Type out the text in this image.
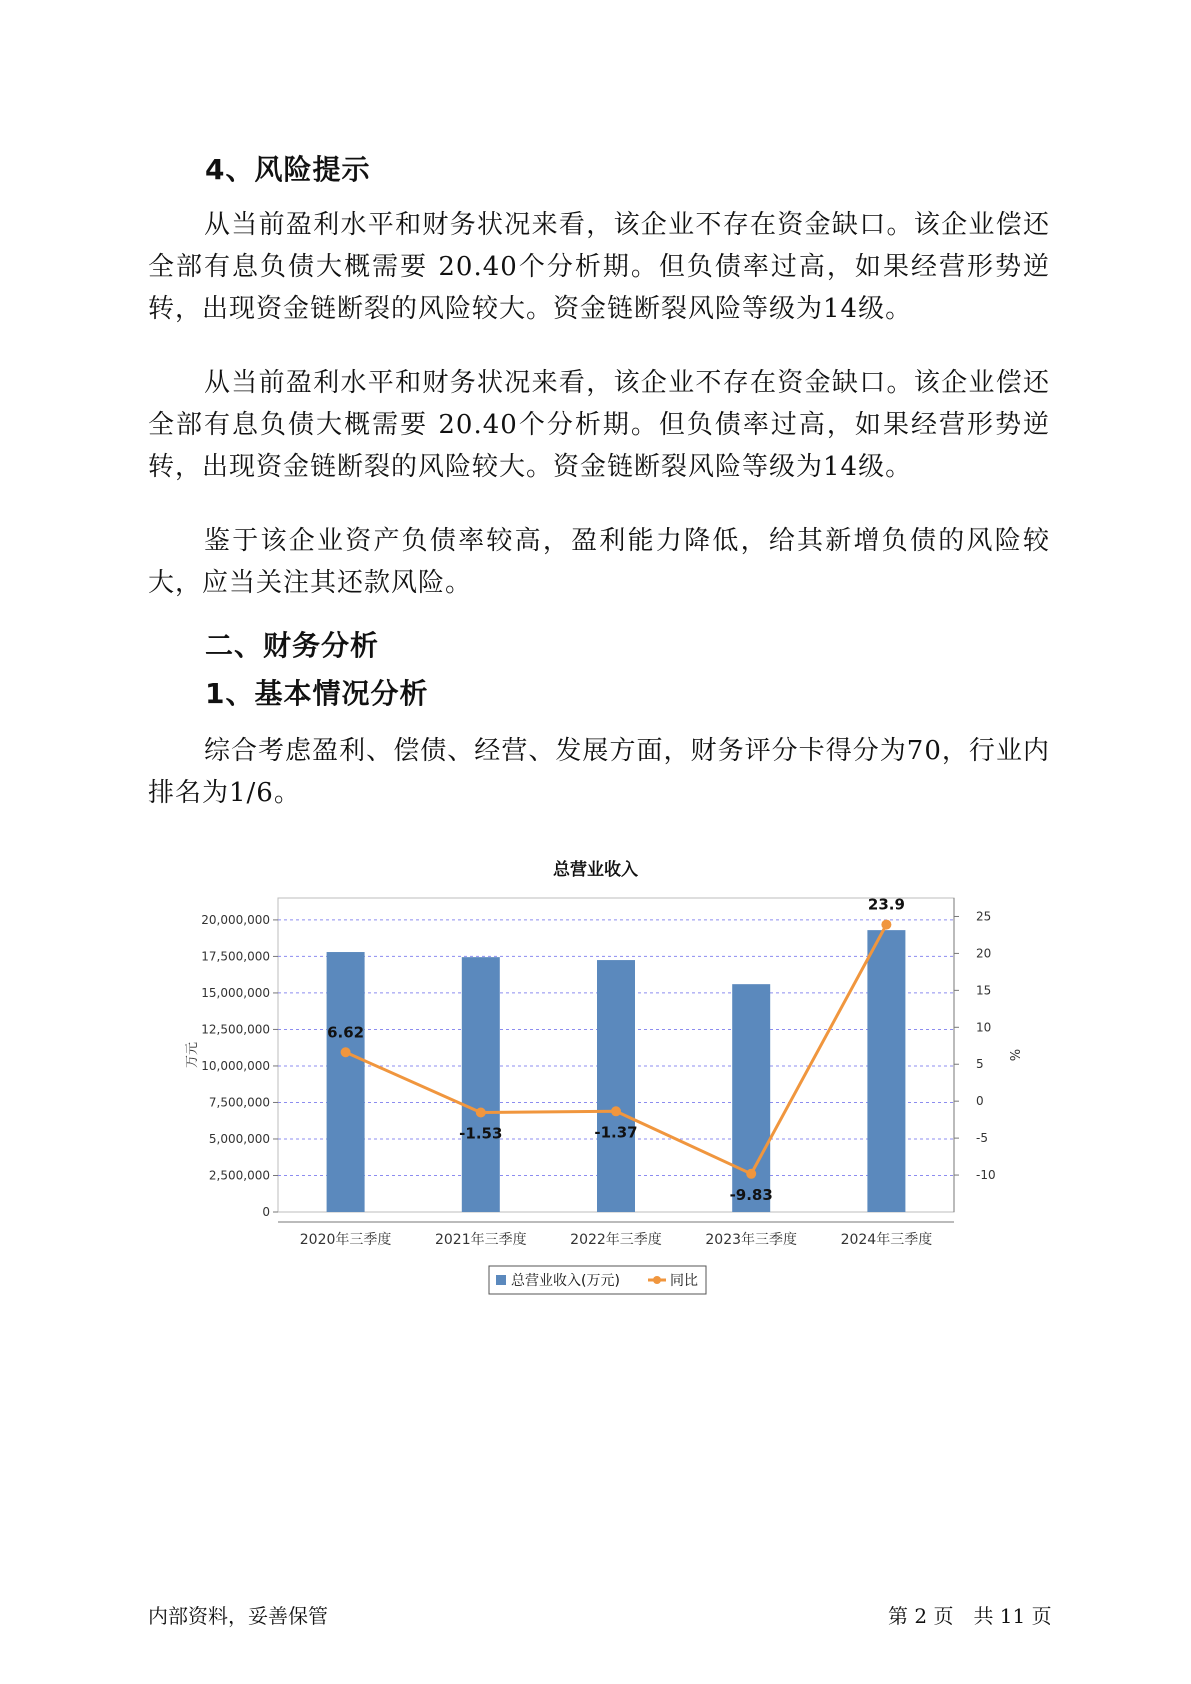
4、风险提示

从当前盈利水平和财务状况来看，该企业不存在资金缺口。该企业偿还全部有息负债大概需要 20.40个分析期。但负债率过高，如果经营形势逆转，出现资金链断裂的风险较大。资金链断裂风险等级为14级。

从当前盈利水平和财务状况来看，该企业不存在资金缺口。该企业偿还全部有息负债大概需要 20.40个分析期。但负债率过高，如果经营形势逆转，出现资金链断裂的风险较大。资金链断裂风险等级为14级。

鉴于该企业资产负债率较高，盈利能力降低，给其新增负债的风险较大，应当关注其还款风险。

二、财务分析
1、基本情况分析

综合考虑盈利、偿债、经营、发展方面，财务评分卡得分为70，行业内排名为1/6。

总营业收入
0
2,500,000
5,000,000
7,500,000
10,000,000
12,500,000
15,000,000
17,500,000
20,000,000
-10
-5
0
5
10
15
20
25
万元	%
2020年三季度	2021年三季度	2022年三季度	2023年三季度	2024年三季度
6.62
-1.53	-1.37
-9.83
23.9
总营业收入(万元)	同比
内部资料，妥善保管	第 2 页　共 11 页
